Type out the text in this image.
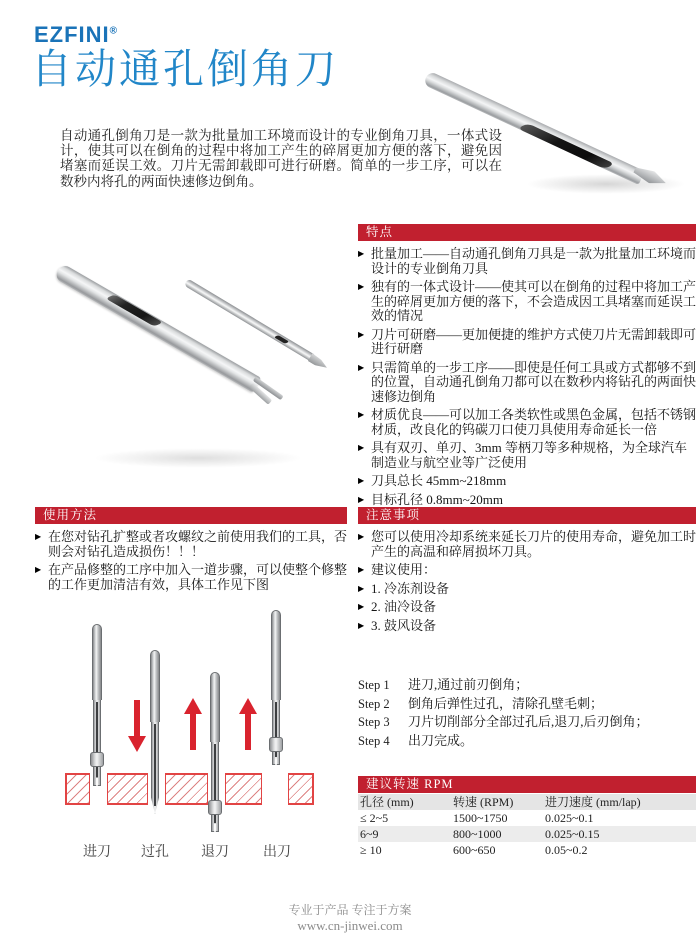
EZFINI®
自动通孔倒角刀

自动通孔倒角刀是一款为批量加工环境而设计的专业倒角刀具，一体式设计，使其可以在倒角的过程中将加工产生的碎屑更加方便的落下，避免因堵塞而延误工效。刀片无需卸载即可进行研磨。简单的一步工序，可以在数秒内将孔的两面快速修边倒角。

特点
▶ 批量加工——自动通孔倒角刀具是一款为批量加工环境而设计的专业倒角刀具
▶ 独有的一体式设计——使其可以在倒角的过程中将加工产生的碎屑更加方便的落下，不会造成因工具堵塞而延误工效的情况
▶ 刀片可研磨——更加便捷的维护方式使刀片无需卸载即可进行研磨
▶ 只需简单的一步工序——即使是任何工具或方式都够不到的位置，自动通孔倒角刀都可以在数秒内将钻孔的两面快速修边倒角
▶ 材质优良——可以加工各类软性或黑色金属，包括不锈钢材质，改良化的钨碳刀口使刀具使用寿命延长一倍
▶ 具有双刃、单刃、3mm 等柄刀等多种规格，为全球汽车制造业与航空业等广泛使用
▶ 刀具总长 45mm~218mm
▶ 目标孔径 0.8mm~20mm
使用方法
▶ 在您对钻孔扩整或者攻螺纹之前使用我们的工具，否则会对钻孔造成损伤！！！
▶ 在产品修整的工序中加入一道步骤，可以使整个修整的工作更加清洁有效，具体工作见下图
注意事项
▶ 您可以使用冷却系统来延长刀片的使用寿命，避免加工时产生的高温和碎屑损坏刀具。
▶ 建议使用：
▶ 1. 冷冻剂设备
▶ 2. 油冷设备
▶ 3. 鼓风设备
Step 1	进刀,通过前刃倒角；
Step 2	倒角后弹性过孔，清除孔壁毛刺；
Step 3	刀片切削部分全部过孔后,退刀,后刃倒角；
Step 4	出刀完成。
建议转速 RPM
孔径 (mm)	转速 (RPM)	进刀速度 (mm/lap)
≤ 2~5	1500~1750	0.025~0.1
6~9	800~1000	0.025~0.15
≥ 10	600~650	0.05~0.2
进刀	过孔	退刀	出刀
专业于产品 专注于方案
www.cn-jinwei.com
